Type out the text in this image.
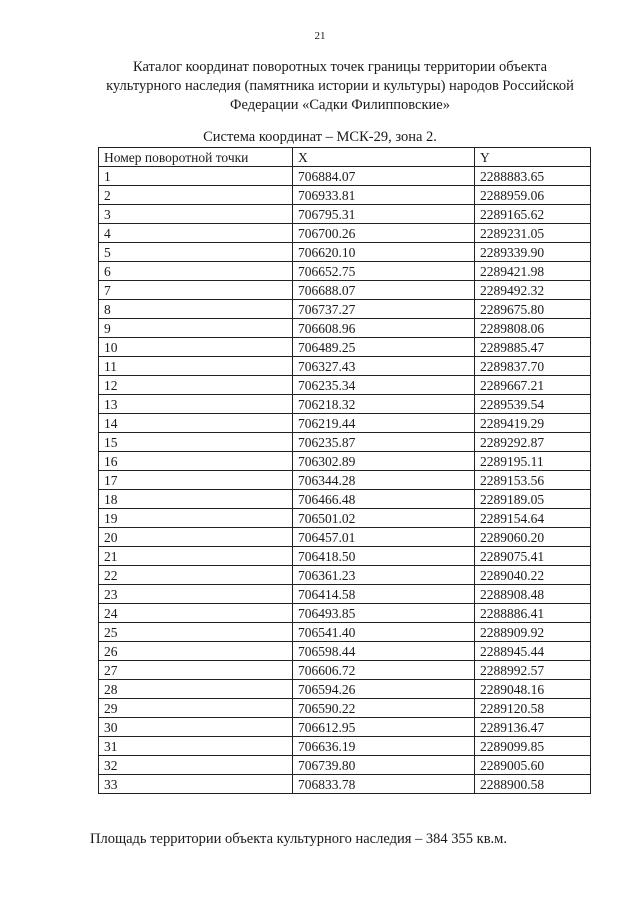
21
Каталог координат поворотных точек границы территории объекта
культурного наследия (памятника истории и культуры) народов Российской
Федерации «Садки Филипповские»
Система координат – МСК-29, зона 2.
Номер поворотной точки	X	Y
1	706884.07	2288883.65
2	706933.81	2288959.06
3	706795.31	2289165.62
4	706700.26	2289231.05
5	706620.10	2289339.90
6	706652.75	2289421.98
7	706688.07	2289492.32
8	706737.27	2289675.80
9	706608.96	2289808.06
10	706489.25	2289885.47
11	706327.43	2289837.70
12	706235.34	2289667.21
13	706218.32	2289539.54
14	706219.44	2289419.29
15	706235.87	2289292.87
16	706302.89	2289195.11
17	706344.28	2289153.56
18	706466.48	2289189.05
19	706501.02	2289154.64
20	706457.01	2289060.20
21	706418.50	2289075.41
22	706361.23	2289040.22
23	706414.58	2288908.48
24	706493.85	2288886.41
25	706541.40	2288909.92
26	706598.44	2288945.44
27	706606.72	2288992.57
28	706594.26	2289048.16
29	706590.22	2289120.58
30	706612.95	2289136.47
31	706636.19	2289099.85
32	706739.80	2289005.60
33	706833.78	2288900.58
Площадь территории объекта культурного наследия – 384 355 кв.м.
